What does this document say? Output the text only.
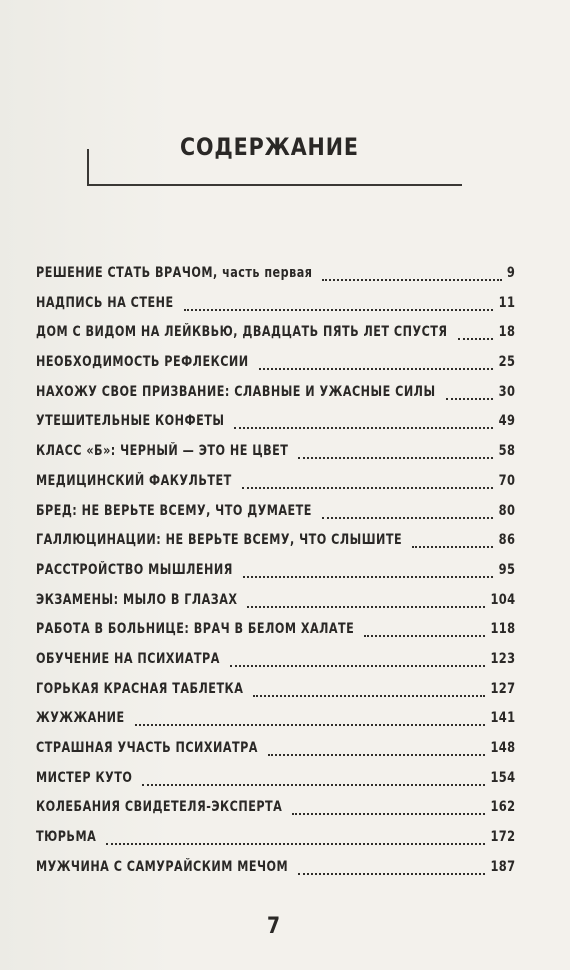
СОДЕРЖАНИЕ
РЕШЕНИЕ СТАТЬ ВРАЧОМ, часть первая	9
НАДПИСЬ НА СТЕНЕ	11
ДОМ С ВИДОМ НА ЛЕЙКВЬЮ, ДВАДЦАТЬ ПЯТЬ ЛЕТ СПУСТЯ	18
НЕОБХОДИМОСТЬ РЕФЛЕКСИИ	25
НАХОЖУ СВОЕ ПРИЗВАНИЕ: СЛАВНЫЕ И УЖАСНЫЕ СИЛЫ	30
УТЕШИТЕЛЬНЫЕ КОНФЕТЫ	49
КЛАСС «Б»: ЧЕРНЫЙ — ЭТО НЕ ЦВЕТ	58
МЕДИЦИНСКИЙ ФАКУЛЬТЕТ	70
БРЕД: НЕ ВЕРЬТЕ ВСЕМУ, ЧТО ДУМАЕТЕ	80
ГАЛЛЮЦИНАЦИИ: НЕ ВЕРЬТЕ ВСЕМУ, ЧТО СЛЫШИТЕ	86
РАССТРОЙСТВО МЫШЛЕНИЯ	95
ЭКЗАМЕНЫ: МЫЛО В ГЛАЗАХ	104
РАБОТА В БОЛЬНИЦЕ: ВРАЧ В БЕЛОМ ХАЛАТЕ	118
ОБУЧЕНИЕ НА ПСИХИАТРА	123
ГОРЬКАЯ КРАСНАЯ ТАБЛЕТКА	127
ЖУЖЖАНИЕ	141
СТРАШНАЯ УЧАСТЬ ПСИХИАТРА	148
МИСТЕР КУТО	154
КОЛЕБАНИЯ СВИДЕТЕЛЯ-ЭКСПЕРТА	162
ТЮРЬМА	172
МУЖЧИНА С САМУРАЙСКИМ МЕЧОМ	187
7
